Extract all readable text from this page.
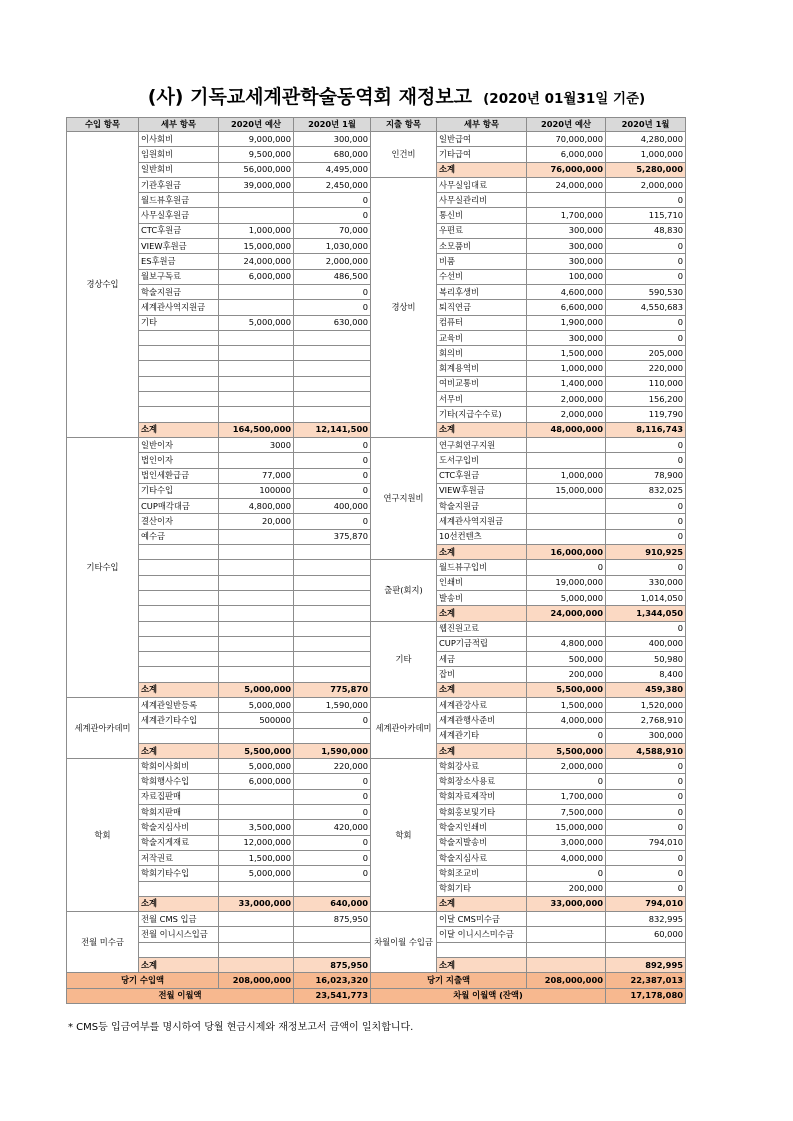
(사) 기독교세계관학술동역회 재정보고 (2020년 01월31일 기준)
수입 항목	세부 항목	2020년 예산	2020년 1월	지출 항목	세부 항목	2020년 예산	2020년 1월
경상수입	이사회비	9,000,000	300,000	인건비	일반급여	70,000,000	4,280,000
	임원회비	9,500,000	680,000		기타급여	6,000,000	1,000,000
	일반회비	56,000,000	4,495,000		소계	76,000,000	5,280,000
	기관후원금	39,000,000	2,450,000	경상비	사무실임대료	24,000,000	2,000,000
	월드뷰후원금		0		사무실관리비		0
	사무실후원금		0		통신비	1,700,000	115,710
	CTC후원금	1,000,000	70,000		우편료	300,000	48,830
	VIEW후원금	15,000,000	1,030,000		소모품비	300,000	0
	ES후원금	24,000,000	2,000,000		비품	300,000	0
	월보구독료	6,000,000	486,500		수선비	100,000	0
	학술지원금		0		복리후생비	4,600,000	590,530
	세계관사역지원금		0		퇴직연금	6,600,000	4,550,683
	기타	5,000,000	630,000		컴퓨터	1,900,000	0
					교육비	300,000	0
					회의비	1,500,000	205,000
					회계용역비	1,000,000	220,000
					여비교통비	1,400,000	110,000
					서무비	2,000,000	156,200
					기타(지급수수료)	2,000,000	119,790
	소계	164,500,000	12,141,500		소계	48,000,000	8,116,743
기타수입	일반이자	3000	0	연구지원비	연구회연구지원		0
	법인이자		0		도서구입비		0
	법인세환급금	77,000	0		CTC후원금	1,000,000	78,900
	기타수입	100000	0		VIEW후원금	15,000,000	832,025
	CUP매각대금	4,800,000	400,000		학술지원금		0
	결산이자	20,000	0		세계관사역지원금		0
	예수금		375,870		10선컨텐츠		0
					소계	16,000,000	910,925
				출판(회지)	월드뷰구입비	0	0
					인쇄비	19,000,000	330,000
					발송비	5,000,000	1,014,050
					소계	24,000,000	1,344,050
				기타	웹진원고료		0
					CUP기금적립	4,800,000	400,000
					세금	500,000	50,980
					잡비	200,000	8,400
	소계	5,000,000	775,870		소계	5,500,000	459,380
세계관아카데미	세계관일반등록	5,000,000	1,590,000	세계관아카데미	세계관강사료	1,500,000	1,520,000
	세계관기타수입	500000	0		세계관행사준비	4,000,000	2,768,910
					세계관기타	0	300,000
	소계	5,500,000	1,590,000		소계	5,500,000	4,588,910
학회	학회이사회비	5,000,000	220,000	학회	학회강사료	2,000,000	0
	학회행사수입	6,000,000	0		학회장소사용료	0	0
	자료집판매		0		학회자료제작비	1,700,000	0
	학회지판매		0		학회홍보및기타	7,500,000	0
	학술지심사비	3,500,000	420,000		학술지인쇄비	15,000,000	0
	학술지게재료	12,000,000	0		학술지발송비	3,000,000	794,010
	저작권료	1,500,000	0		학술지심사료	4,000,000	0
	학회기타수입	5,000,000	0		학회조교비	0	0
					학회기타	200,000	0
	소계	33,000,000	640,000		소계	33,000,000	794,010
전월 미수금	전월 CMS 입금		875,950	차월이월 수입금	이달 CMS미수금		832,995
	전월 이니시스입금				이달 이니시스미수금		60,000

	소계		875,950		소계		892,995
당기 수입액		208,000,000	16,023,320	당기 지출액		208,000,000	22,387,013
전월 이월액			23,541,773	차월 이월액 (잔액)			17,178,080
* CMS등 입금여부를 명시하여 당월 현금시제와 재정보고서 금액이 일치합니다.
